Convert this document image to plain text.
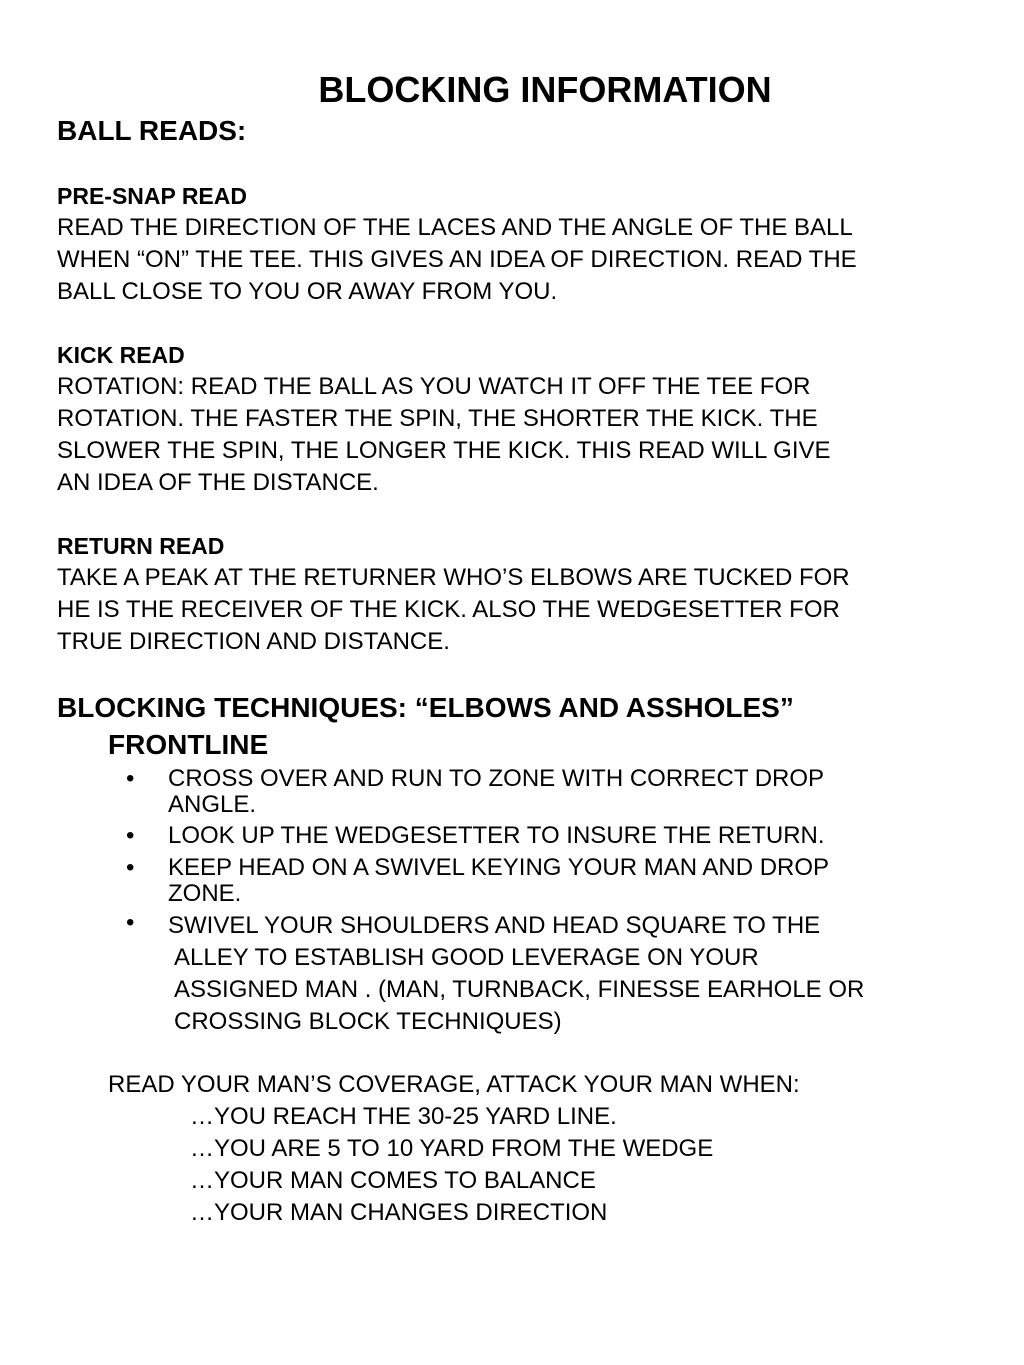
BLOCKING INFORMATION
BALL READS:
PRE-SNAP READ
READ THE DIRECTION OF THE LACES AND THE ANGLE OF THE BALL
WHEN “ON” THE TEE. THIS GIVES AN IDEA OF DIRECTION. READ THE
BALL CLOSE TO YOU OR AWAY FROM YOU.
KICK READ
ROTATION: READ THE BALL AS YOU WATCH IT OFF THE TEE FOR
ROTATION. THE FASTER THE SPIN, THE SHORTER THE KICK. THE
SLOWER THE SPIN, THE LONGER THE KICK. THIS READ WILL GIVE
AN IDEA OF THE DISTANCE.
RETURN READ
TAKE A PEAK AT THE RETURNER WHO’S ELBOWS ARE TUCKED FOR
HE IS THE RECEIVER OF THE KICK. ALSO THE WEDGESETTER FOR
TRUE DIRECTION AND DISTANCE.
BLOCKING TECHNIQUES: “ELBOWS AND ASSHOLES”
FRONTLINE
• CROSS OVER AND RUN TO ZONE WITH CORRECT DROP
ANGLE.
• LOOK UP THE WEDGESETTER TO INSURE THE RETURN.
• KEEP HEAD ON A SWIVEL KEYING YOUR MAN AND DROP
ZONE.
• SWIVEL YOUR SHOULDERS AND HEAD SQUARE TO THE
ALLEY TO ESTABLISH GOOD LEVERAGE ON YOUR
ASSIGNED MAN . (MAN, TURNBACK, FINESSE EARHOLE OR
CROSSING BLOCK TECHNIQUES)
READ YOUR MAN’S COVERAGE, ATTACK YOUR MAN WHEN:
…YOU REACH THE 30-25 YARD LINE.
…YOU ARE 5 TO 10 YARD FROM THE WEDGE
…YOUR MAN COMES TO BALANCE
…YOUR MAN CHANGES DIRECTION
